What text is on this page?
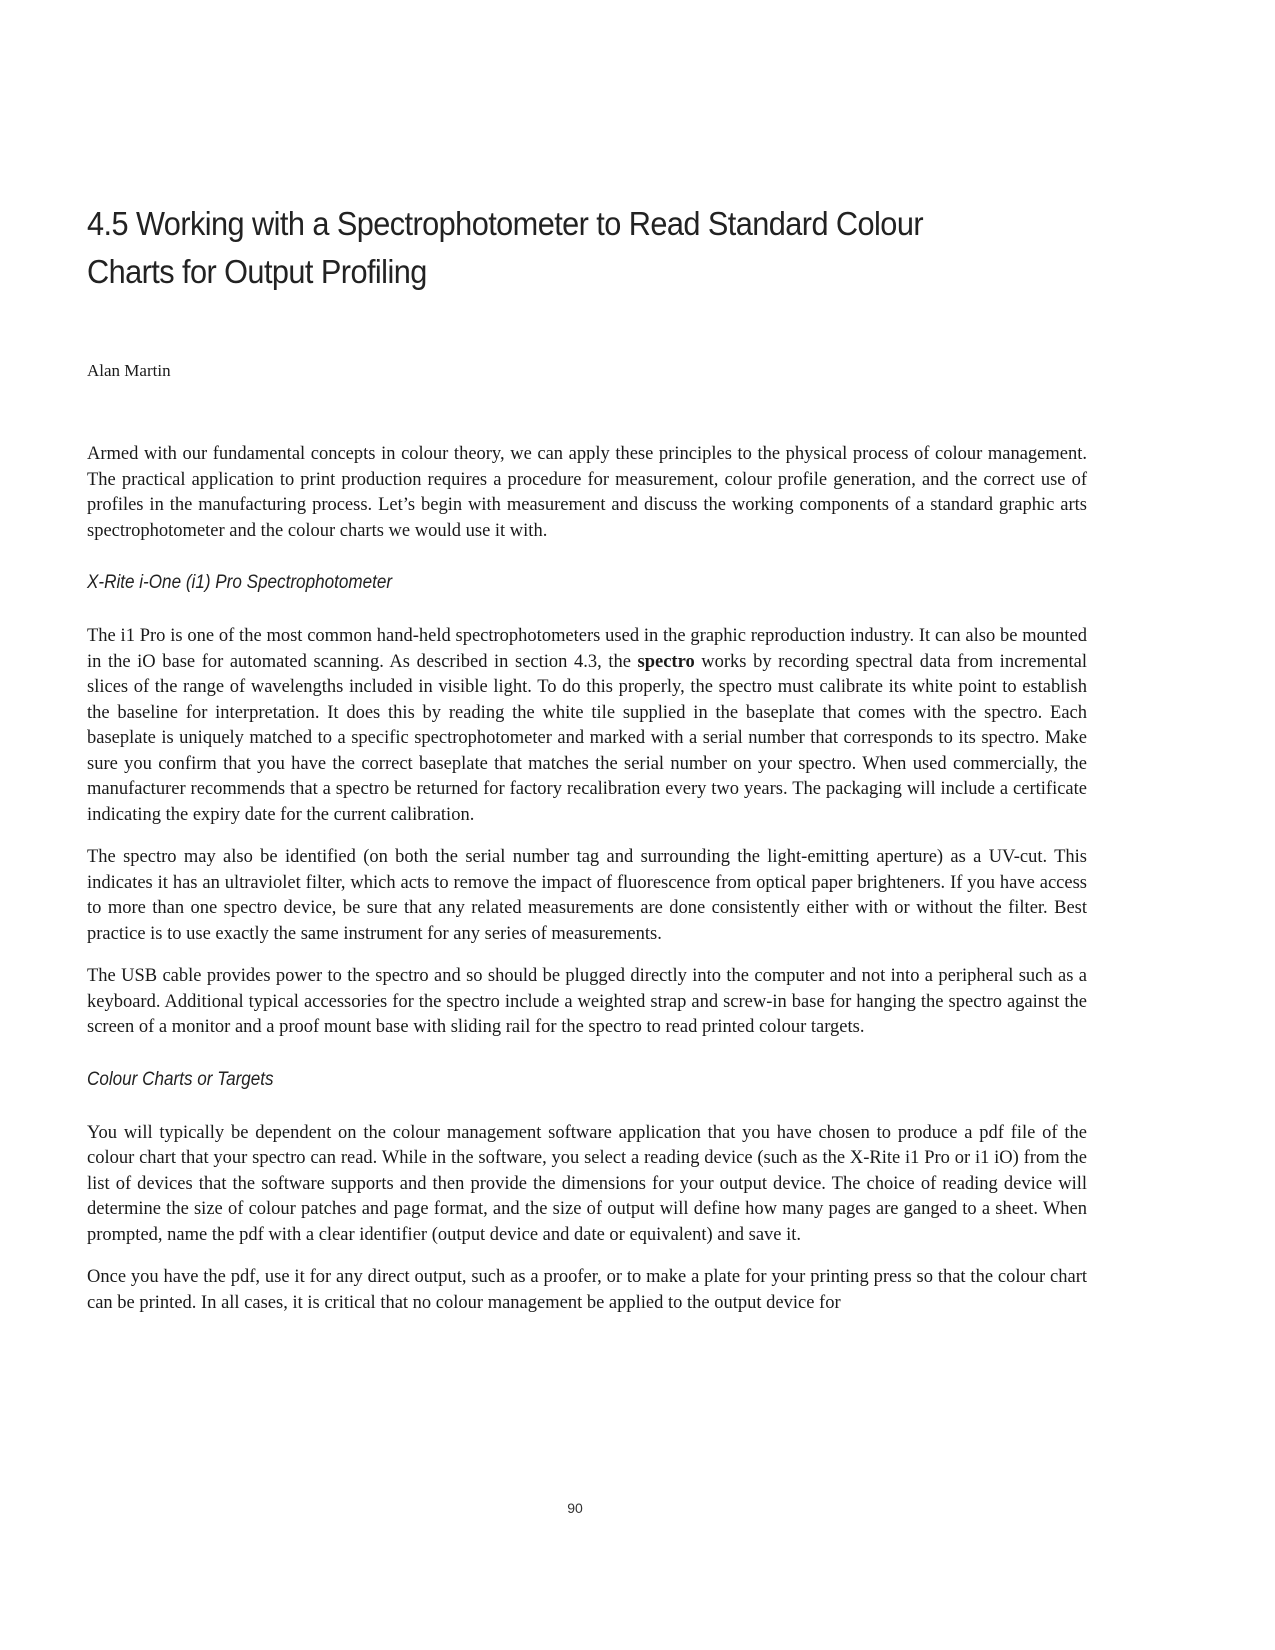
4.5 Working with a Spectrophotometer to Read Standard Colour Charts for Output Profiling

Alan Martin

Armed with our fundamental concepts in colour theory, we can apply these principles to the physical process of colour management. The practical application to print production requires a procedure for measurement, colour profile generation, and the correct use of profiles in the manufacturing process. Let’s begin with measurement and discuss the working components of a standard graphic arts spectrophotometer and the colour charts we would use it with.

X-Rite i-One (i1) Pro Spectrophotometer

The i1 Pro is one of the most common hand-held spectrophotometers used in the graphic reproduction industry. It can also be mounted in the iO base for automated scanning. As described in section 4.3, the spectro works by recording spectral data from incremental slices of the range of wavelengths included in visible light. To do this properly, the spectro must calibrate its white point to establish the baseline for interpretation. It does this by reading the white tile supplied in the baseplate that comes with the spectro. Each baseplate is uniquely matched to a specific spectrophotometer and marked with a serial number that corresponds to its spectro. Make sure you confirm that you have the correct baseplate that matches the serial number on your spectro. When used commercially, the manufacturer recommends that a spectro be returned for factory recalibration every two years. The packaging will include a certificate indicating the expiry date for the current calibration.

The spectro may also be identified (on both the serial number tag and surrounding the light-emitting aperture) as a UV-cut. This indicates it has an ultraviolet filter, which acts to remove the impact of fluorescence from optical paper brighteners. If you have access to more than one spectro device, be sure that any related measurements are done consistently either with or without the filter. Best practice is to use exactly the same instrument for any series of measurements.

The USB cable provides power to the spectro and so should be plugged directly into the computer and not into a peripheral such as a keyboard. Additional typical accessories for the spectro include a weighted strap and screw-in base for hanging the spectro against the screen of a monitor and a proof mount base with sliding rail for the spectro to read printed colour targets.

Colour Charts or Targets

You will typically be dependent on the colour management software application that you have chosen to produce a pdf file of the colour chart that your spectro can read. While in the software, you select a reading device (such as the X-Rite i1 Pro or i1 iO) from the list of devices that the software supports and then provide the dimensions for your output device. The choice of reading device will determine the size of colour patches and page format, and the size of output will define how many pages are ganged to a sheet. When prompted, name the pdf with a clear identifier (output device and date or equivalent) and save it.

Once you have the pdf, use it for any direct output, such as a proofer, or to make a plate for your printing press so that the colour chart can be printed. In all cases, it is critical that no colour management be applied to the output device for

90
